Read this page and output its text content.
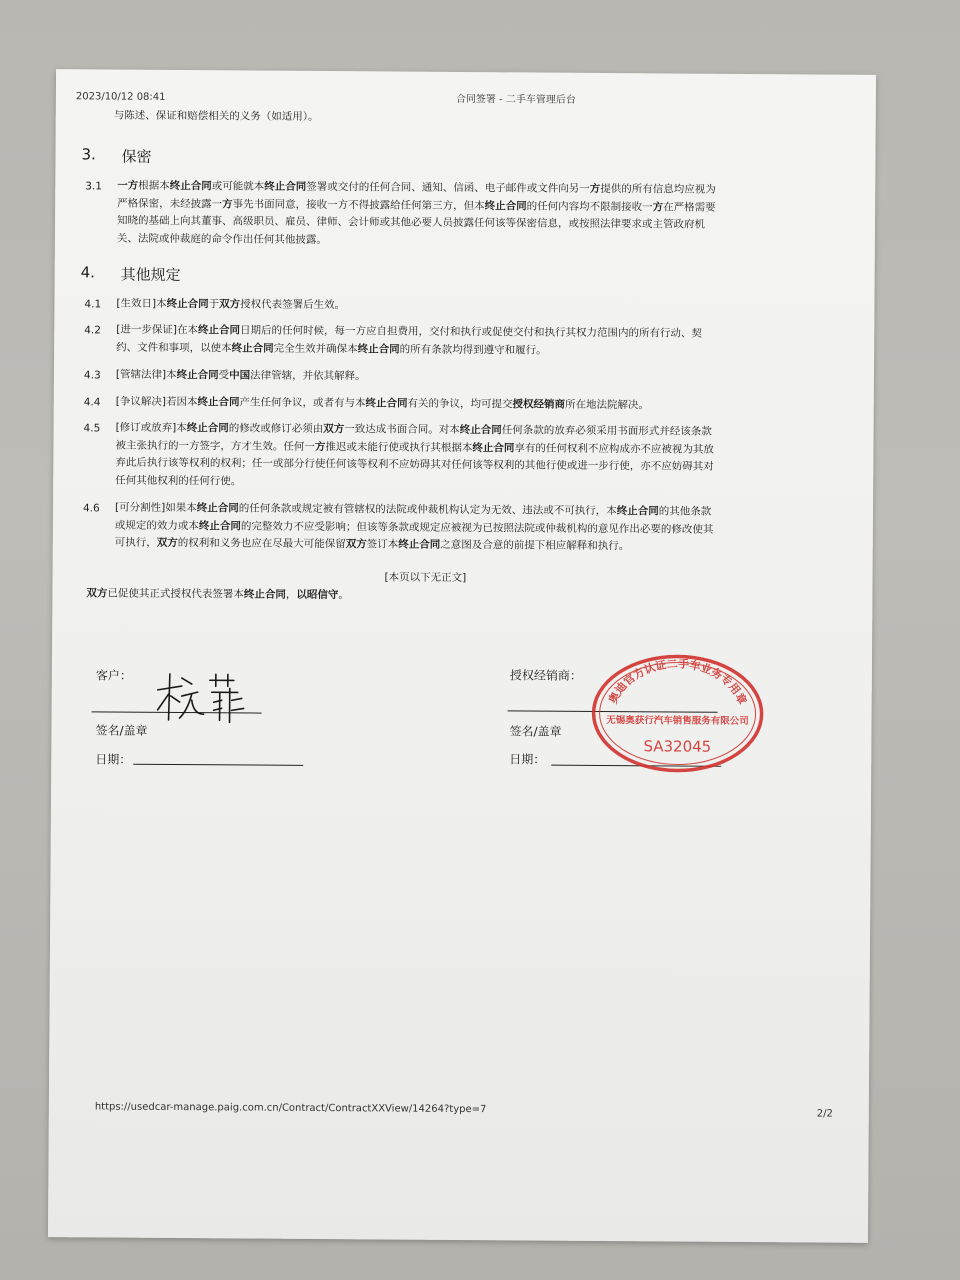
2023/10/12 08:41	合同签署 - 二手车管理后台
与陈述、保证和赔偿相关的义务（如适用）。
3. 保密
3.1 一方根据本终止合同或可能就本终止合同签署或交付的任何合同、通知、信函、电子邮件或文件向另一方提供的所有信息均应视为
严格保密，未经披露一方事先书面同意，接收一方不得披露给任何第三方，但本终止合同的任何内容均不限制接收一方在严格需要
知晓的基础上向其董事、高级职员、雇员、律师、会计师或其他必要人员披露任何该等保密信息，或按照法律要求或主管政府机
关、法院或仲裁庭的命令作出任何其他披露。
4. 其他规定
4.1 [生效日]本终止合同于双方授权代表签署后生效。
4.2 [进一步保证]在本终止合同日期后的任何时候，每一方应自担费用，交付和执行或促使交付和执行其权力范围内的所有行动、契
约、文件和事项，以使本终止合同完全生效并确保本终止合同的所有条款均得到遵守和履行。
4.3 [管辖法律]本终止合同受中国法律管辖，并依其解释。
4.4 [争议解决]若因本终止合同产生任何争议，或者有与本终止合同有关的争议，均可提交授权经销商所在地法院解决。
4.5 [修订或放弃]本终止合同的修改或修订必须由双方一致达成书面合同。对本终止合同任何条款的放弃必须采用书面形式并经该条款
被主张执行的一方签字，方才生效。任何一方推迟或未能行使或执行其根据本终止合同享有的任何权利不应构成亦不应被视为其放
弃此后执行该等权利的权利；任一或部分行使任何该等权利不应妨碍其对任何该等权利的其他行使或进一步行使，亦不应妨碍其对
任何其他权利的任何行使。
4.6 [可分割性]如果本终止合同的任何条款或规定被有管辖权的法院或仲裁机构认定为无效、违法或不可执行，本终止合同的其他条款
或规定的效力或本终止合同的完整效力不应受影响；但该等条款或规定应被视为已按照法院或仲裁机构的意见作出必要的修改使其
可执行，双方的权利和义务也应在尽最大可能保留双方签订本终止合同之意图及合意的前提下相应解释和执行。
[本页以下无正文]
双方已促使其正式授权代表签署本终止合同，以昭信守。
客户：
签名/盖章
日期：
授权经销商：
签名/盖章
日期：
奥迪官方认证二手车业务专用章
无锡奥获行汽车销售服务有限公司
SA32045
https://usedcar-manage.paig.com.cn/Contract/ContractXXView/14264?type=7	2/2
